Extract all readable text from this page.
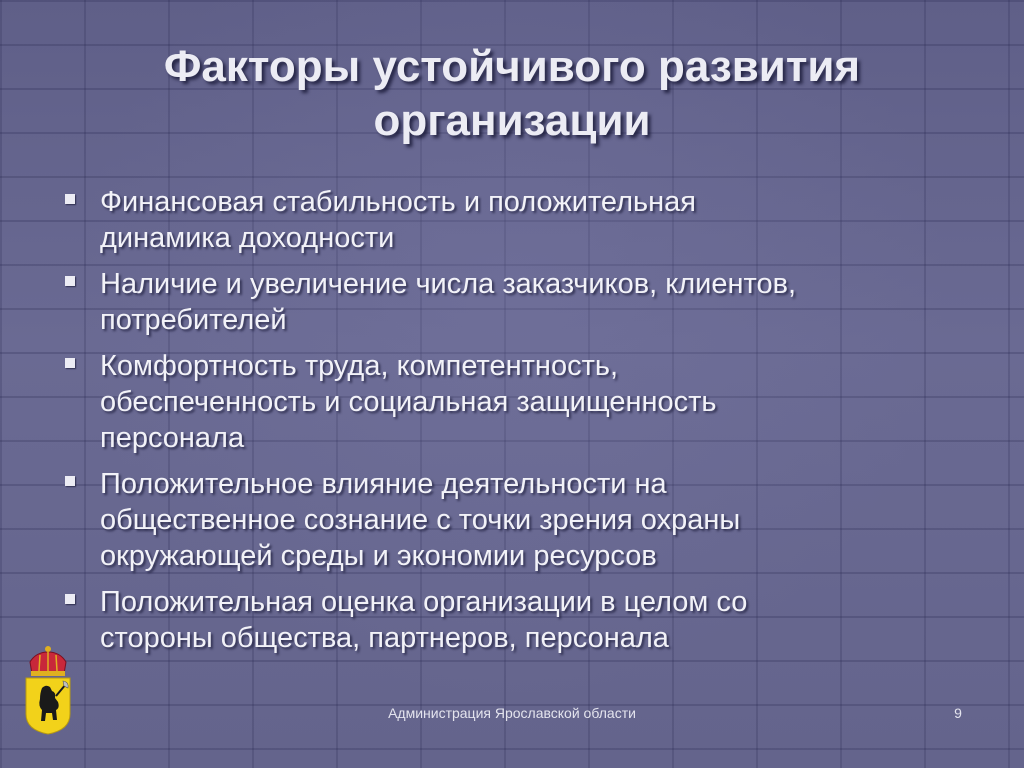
Факторы устойчивого развития
организации
Финансовая стабильность и положительная
динамика доходности
Наличие и увеличение числа заказчиков, клиентов,
потребителей
Комфортность труда, компетентность,
обеспеченность и социальная защищенность
персонала
Положительное влияние деятельности на
общественное сознание с точки зрения охраны
окружающей среды и экономии ресурсов
Положительная оценка организации в целом со
стороны общества, партнеров, персонала
Администрация Ярославской области	9
